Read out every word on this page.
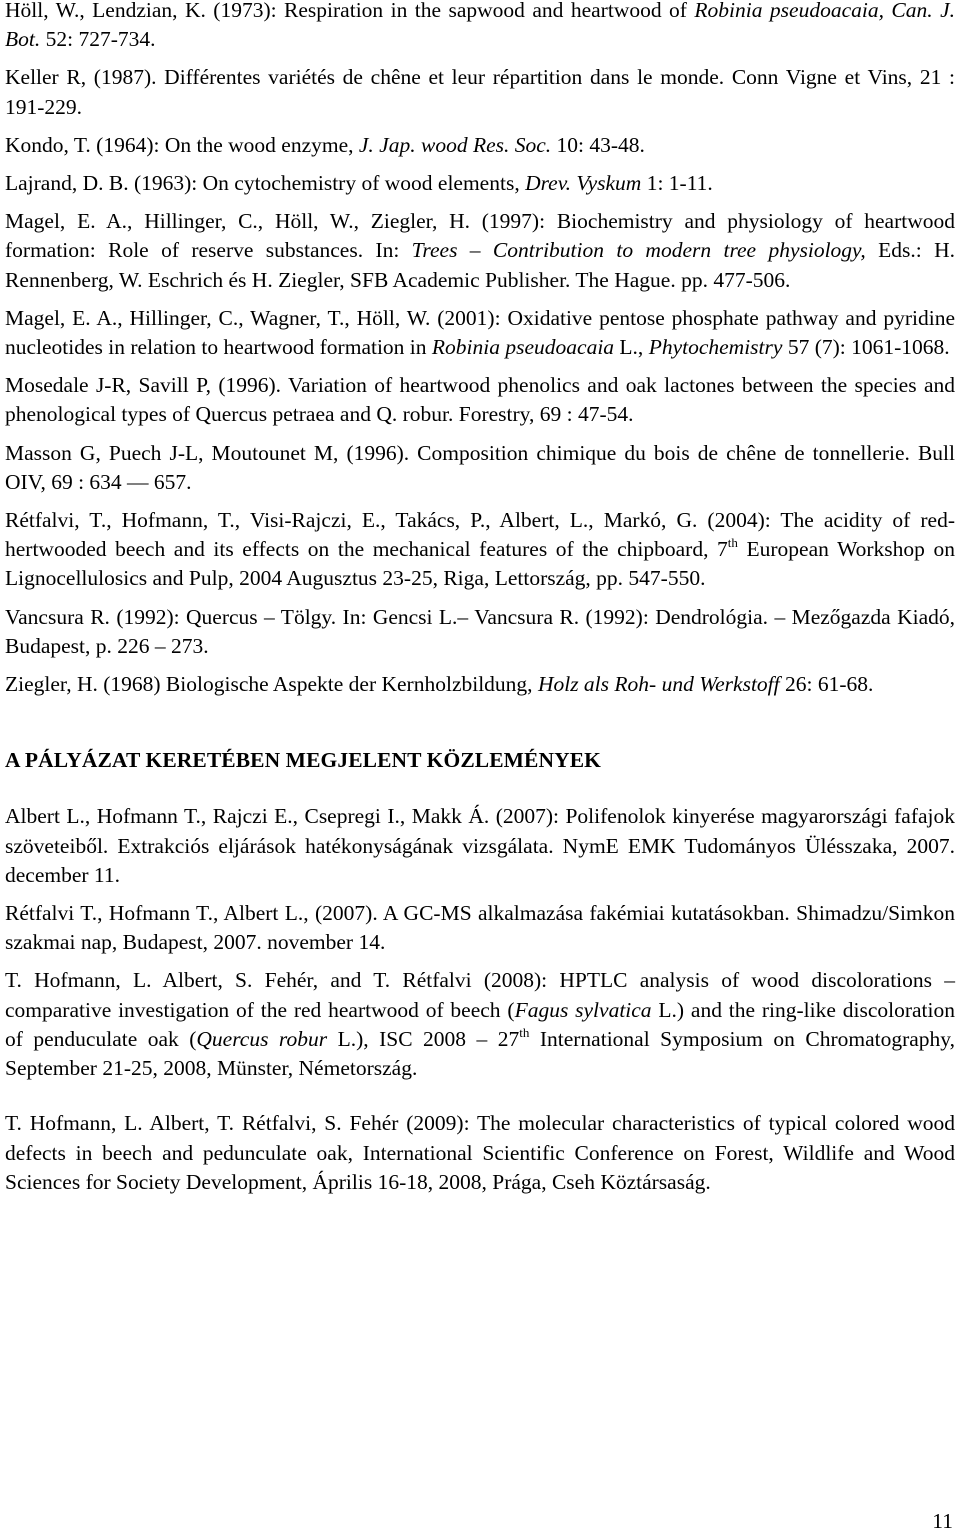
Höll, W., Lendzian, K. (1973): Respiration in the sapwood and heartwood of Robinia pseudoacaia, Can. J. Bot. 52: 727-734.
Keller R, (1987). Différentes variétés de chêne et leur répartition dans le monde. Conn Vigne et Vins, 21 : 191-229.
Kondo, T. (1964): On the wood enzyme, J. Jap. wood Res. Soc. 10: 43-48.
Lajrand, D. B. (1963): On cytochemistry of wood elements, Drev. Vyskum 1: 1-11.
Magel, E. A., Hillinger, C., Höll, W., Ziegler, H. (1997): Biochemistry and physiology of heartwood formation: Role of reserve substances. In: Trees – Contribution to modern tree physiology, Eds.: H. Rennenberg, W. Eschrich és H. Ziegler, SFB Academic Publisher. The Hague. pp. 477-506.
Magel, E. A., Hillinger, C., Wagner, T., Höll, W. (2001): Oxidative pentose phosphate pathway and pyridine nucleotides in relation to heartwood formation in Robinia pseudoacaia L., Phytochemistry 57 (7): 1061-1068.
Mosedale J-R, Savill P, (1996). Variation of heartwood phenolics and oak lactones between the species and phenological types of Quercus petraea and Q. robur. Forestry, 69 : 47-54.
Masson G, Puech J-L, Moutounet M, (1996). Composition chimique du bois de chêne de tonnellerie. Bull OIV, 69 : 634 — 657.
Rétfalvi, T., Hofmann, T., Visi-Rajczi, E., Takács, P., Albert, L., Markó, G. (2004): The acidity of red-hertwooded beech and its effects on the mechanical features of the chipboard, 7th European Workshop on Lignocellulosics and Pulp, 2004 Augusztus 23-25, Riga, Lettország, pp. 547-550.
Vancsura R. (1992): Quercus – Tölgy. In: Gencsi L.– Vancsura R. (1992): Dendrológia. – Mezőgazda Kiadó, Budapest, p. 226 – 273.
Ziegler, H. (1968) Biologische Aspekte der Kernholzbildung, Holz als Roh- und Werkstoff 26: 61-68.
A PÁLYÁZAT KERETÉBEN MEGJELENT KÖZLEMÉNYEK
Albert L., Hofmann T., Rajczi E., Csepregi I., Makk Á. (2007): Polifenolok kinyerése magyarországi fafajok szöveteiből. Extrakciós eljárások hatékonyságának vizsgálata. NymE EMK Tudományos Ülésszaka, 2007. december 11.
Rétfalvi T., Hofmann T., Albert L., (2007). A GC-MS alkalmazása fakémiai kutatásokban. Shimadzu/Simkon szakmai nap, Budapest, 2007. november 14.
T. Hofmann, L. Albert, S. Fehér, and T. Rétfalvi (2008): HPTLC analysis of wood discolorations – comparative investigation of the red heartwood of beech (Fagus sylvatica L.) and the ring-like discoloration of penduculate oak (Quercus robur L.), ISC 2008 – 27th International Symposium on Chromatography, September 21-25, 2008, Münster, Németország.
T. Hofmann, L. Albert, T. Rétfalvi, S. Fehér (2009): The molecular characteristics of typical colored wood defects in beech and pedunculate oak, International Scientific Conference on Forest, Wildlife and Wood Sciences for Society Development, Április 16-18, 2008, Prága, Cseh Köztársaság.
11
